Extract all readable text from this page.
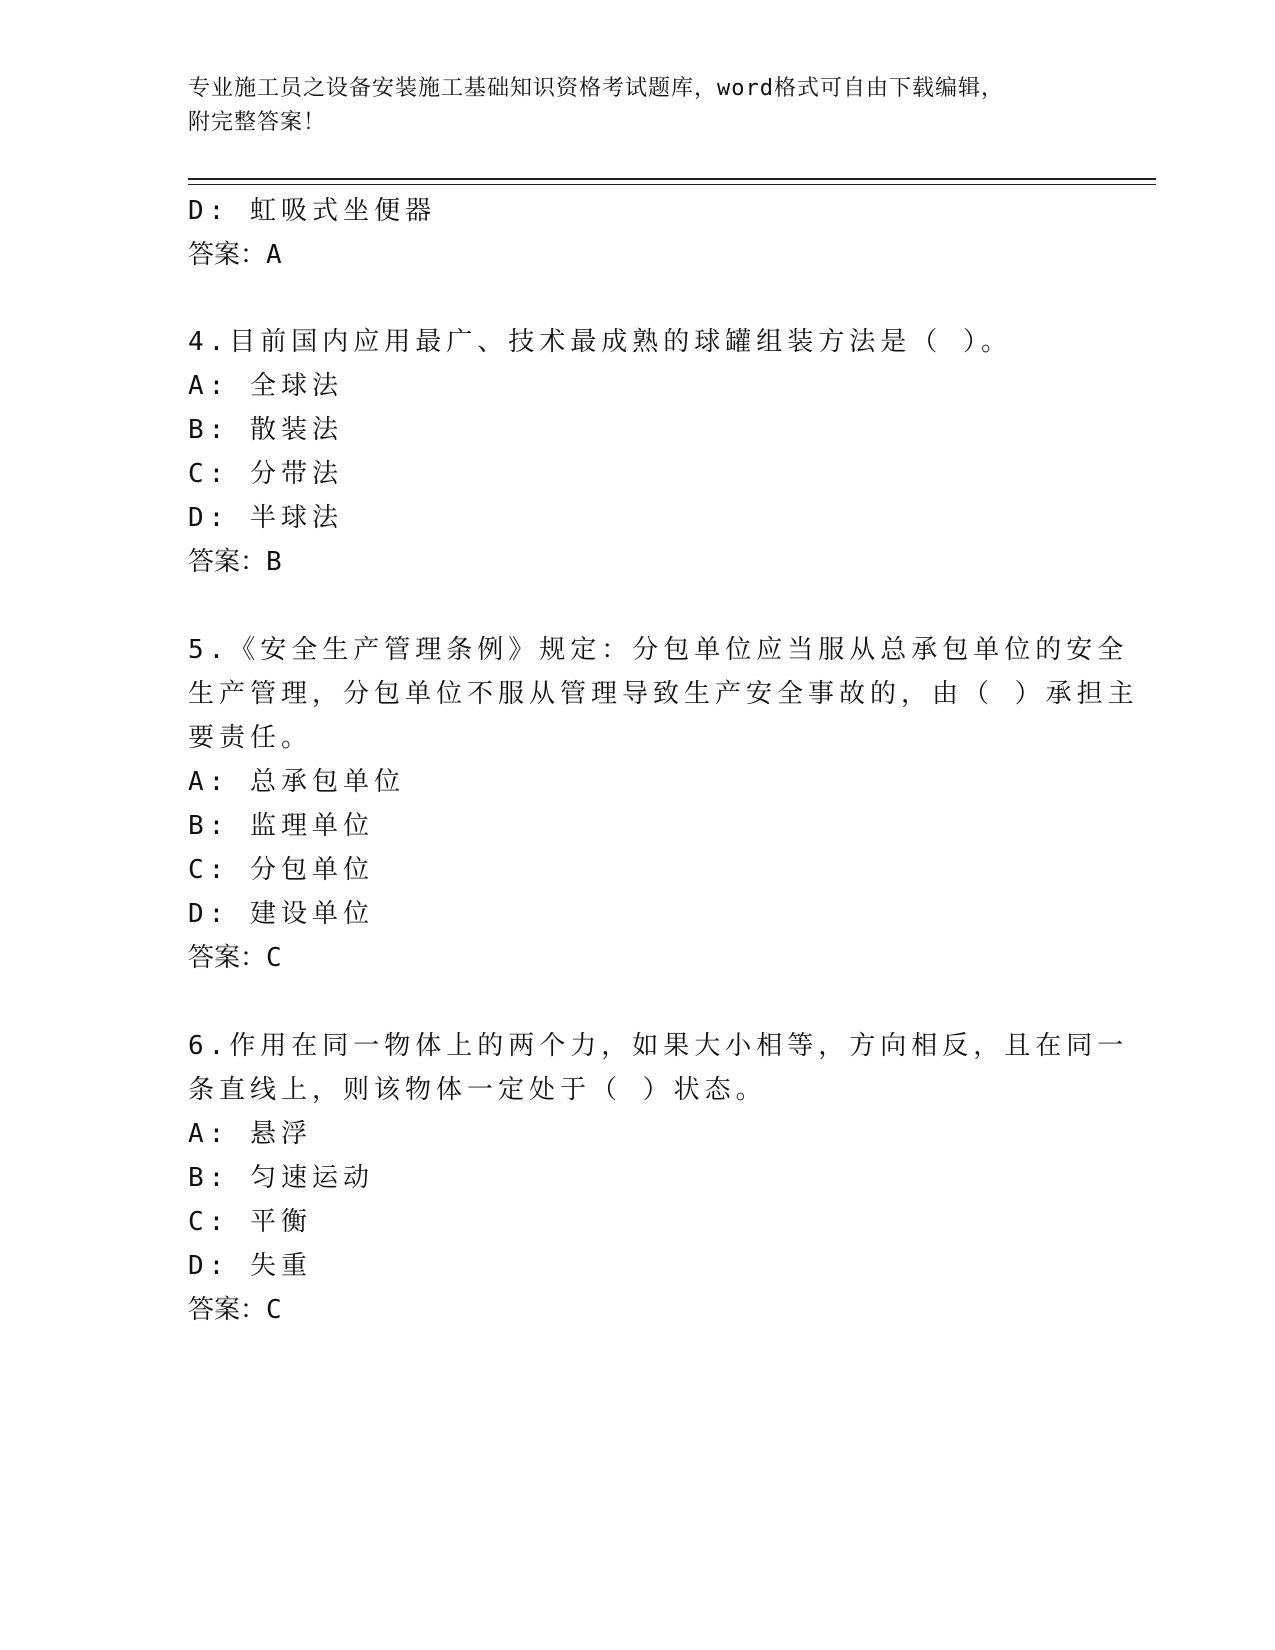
专业施工员之设备安装施工基础知识资格考试题库，word格式可自由下载编辑，
附完整答案！
D: 虹吸式坐便器
答案：A
4.目前国内应用最广、技术最成熟的球罐组装方法是（ ）。
A: 全球法
B: 散装法
C: 分带法
D: 半球法
答案：B
5.《安全生产管理条例》规定：分包单位应当服从总承包单位的安全
生产管理，分包单位不服从管理导致生产安全事故的，由（ ）承担主
要责任。
A: 总承包单位
B: 监理单位
C: 分包单位
D: 建设单位
答案：C
6.作用在同一物体上的两个力，如果大小相等，方向相反，且在同一
条直线上，则该物体一定处于（ ）状态。
A: 悬浮
B: 匀速运动
C: 平衡
D: 失重
答案：C
